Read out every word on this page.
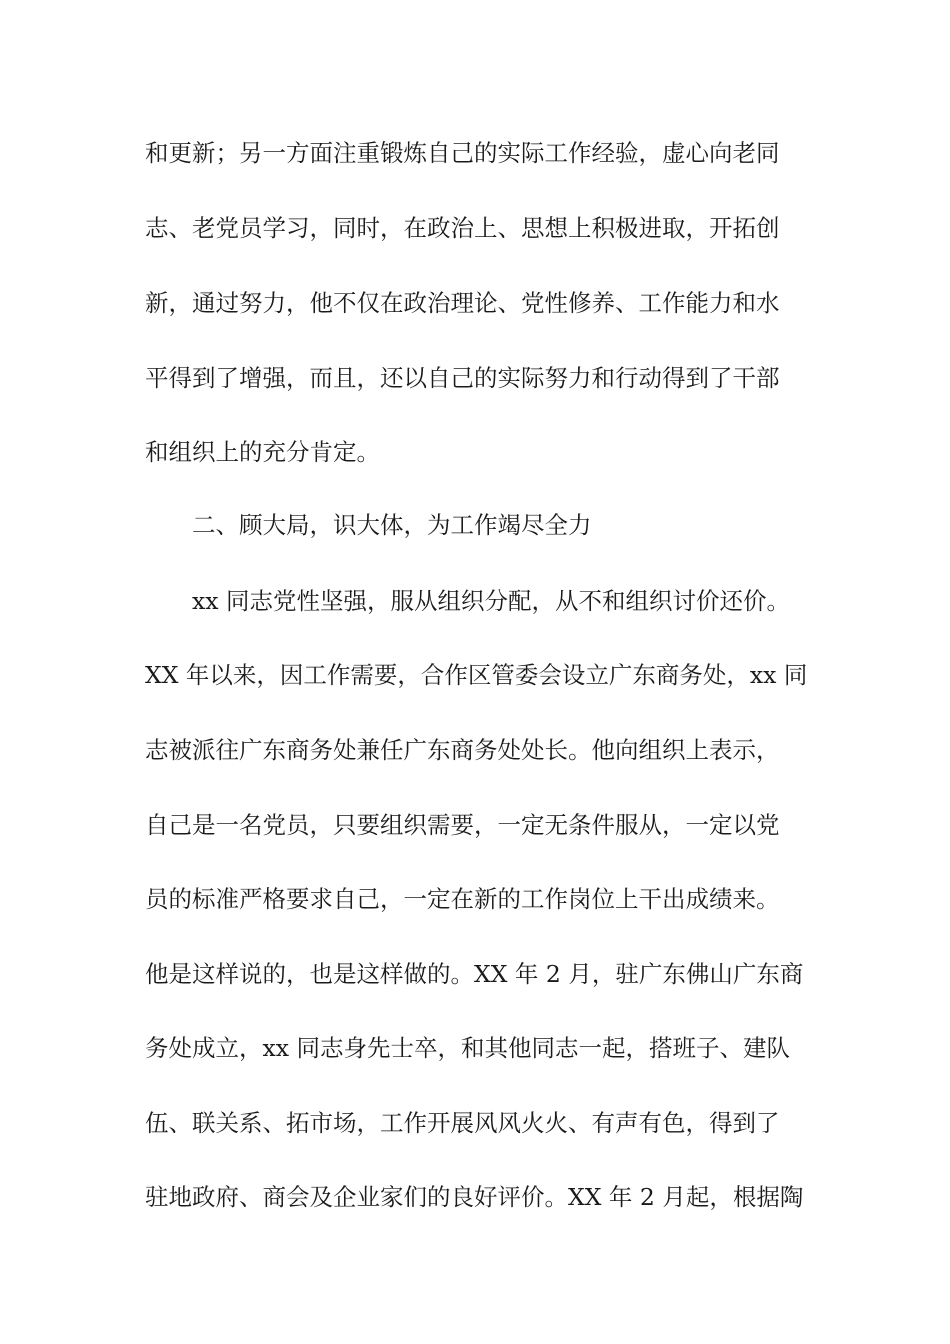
和更新；另一方面注重锻炼自己的实际工作经验，虚心向老同
志、老党员学习，同时，在政治上、思想上积极进取，开拓创
新，通过努力，他不仅在政治理论、党性修养、工作能力和水
平得到了增强，而且，还以自己的实际努力和行动得到了干部
和组织上的充分肯定。
二、顾大局，识大体，为工作竭尽全力
xx 同志党性坚强，服从组织分配，从不和组织讨价还价。
XX 年以来，因工作需要，合作区管委会设立广东商务处，xx 同
志被派往广东商务处兼任广东商务处处长。他向组织上表示，
自己是一名党员，只要组织需要，一定无条件服从，一定以党
员的标准严格要求自己，一定在新的工作岗位上干出成绩来。
他是这样说的，也是这样做的。XX 年 2 月，驻广东佛山广东商
务处成立，xx 同志身先士卒，和其他同志一起，搭班子、建队
伍、联关系、拓市场，工作开展风风火火、有声有色，得到了
驻地政府、商会及企业家们的良好评价。XX 年 2 月起，根据陶
